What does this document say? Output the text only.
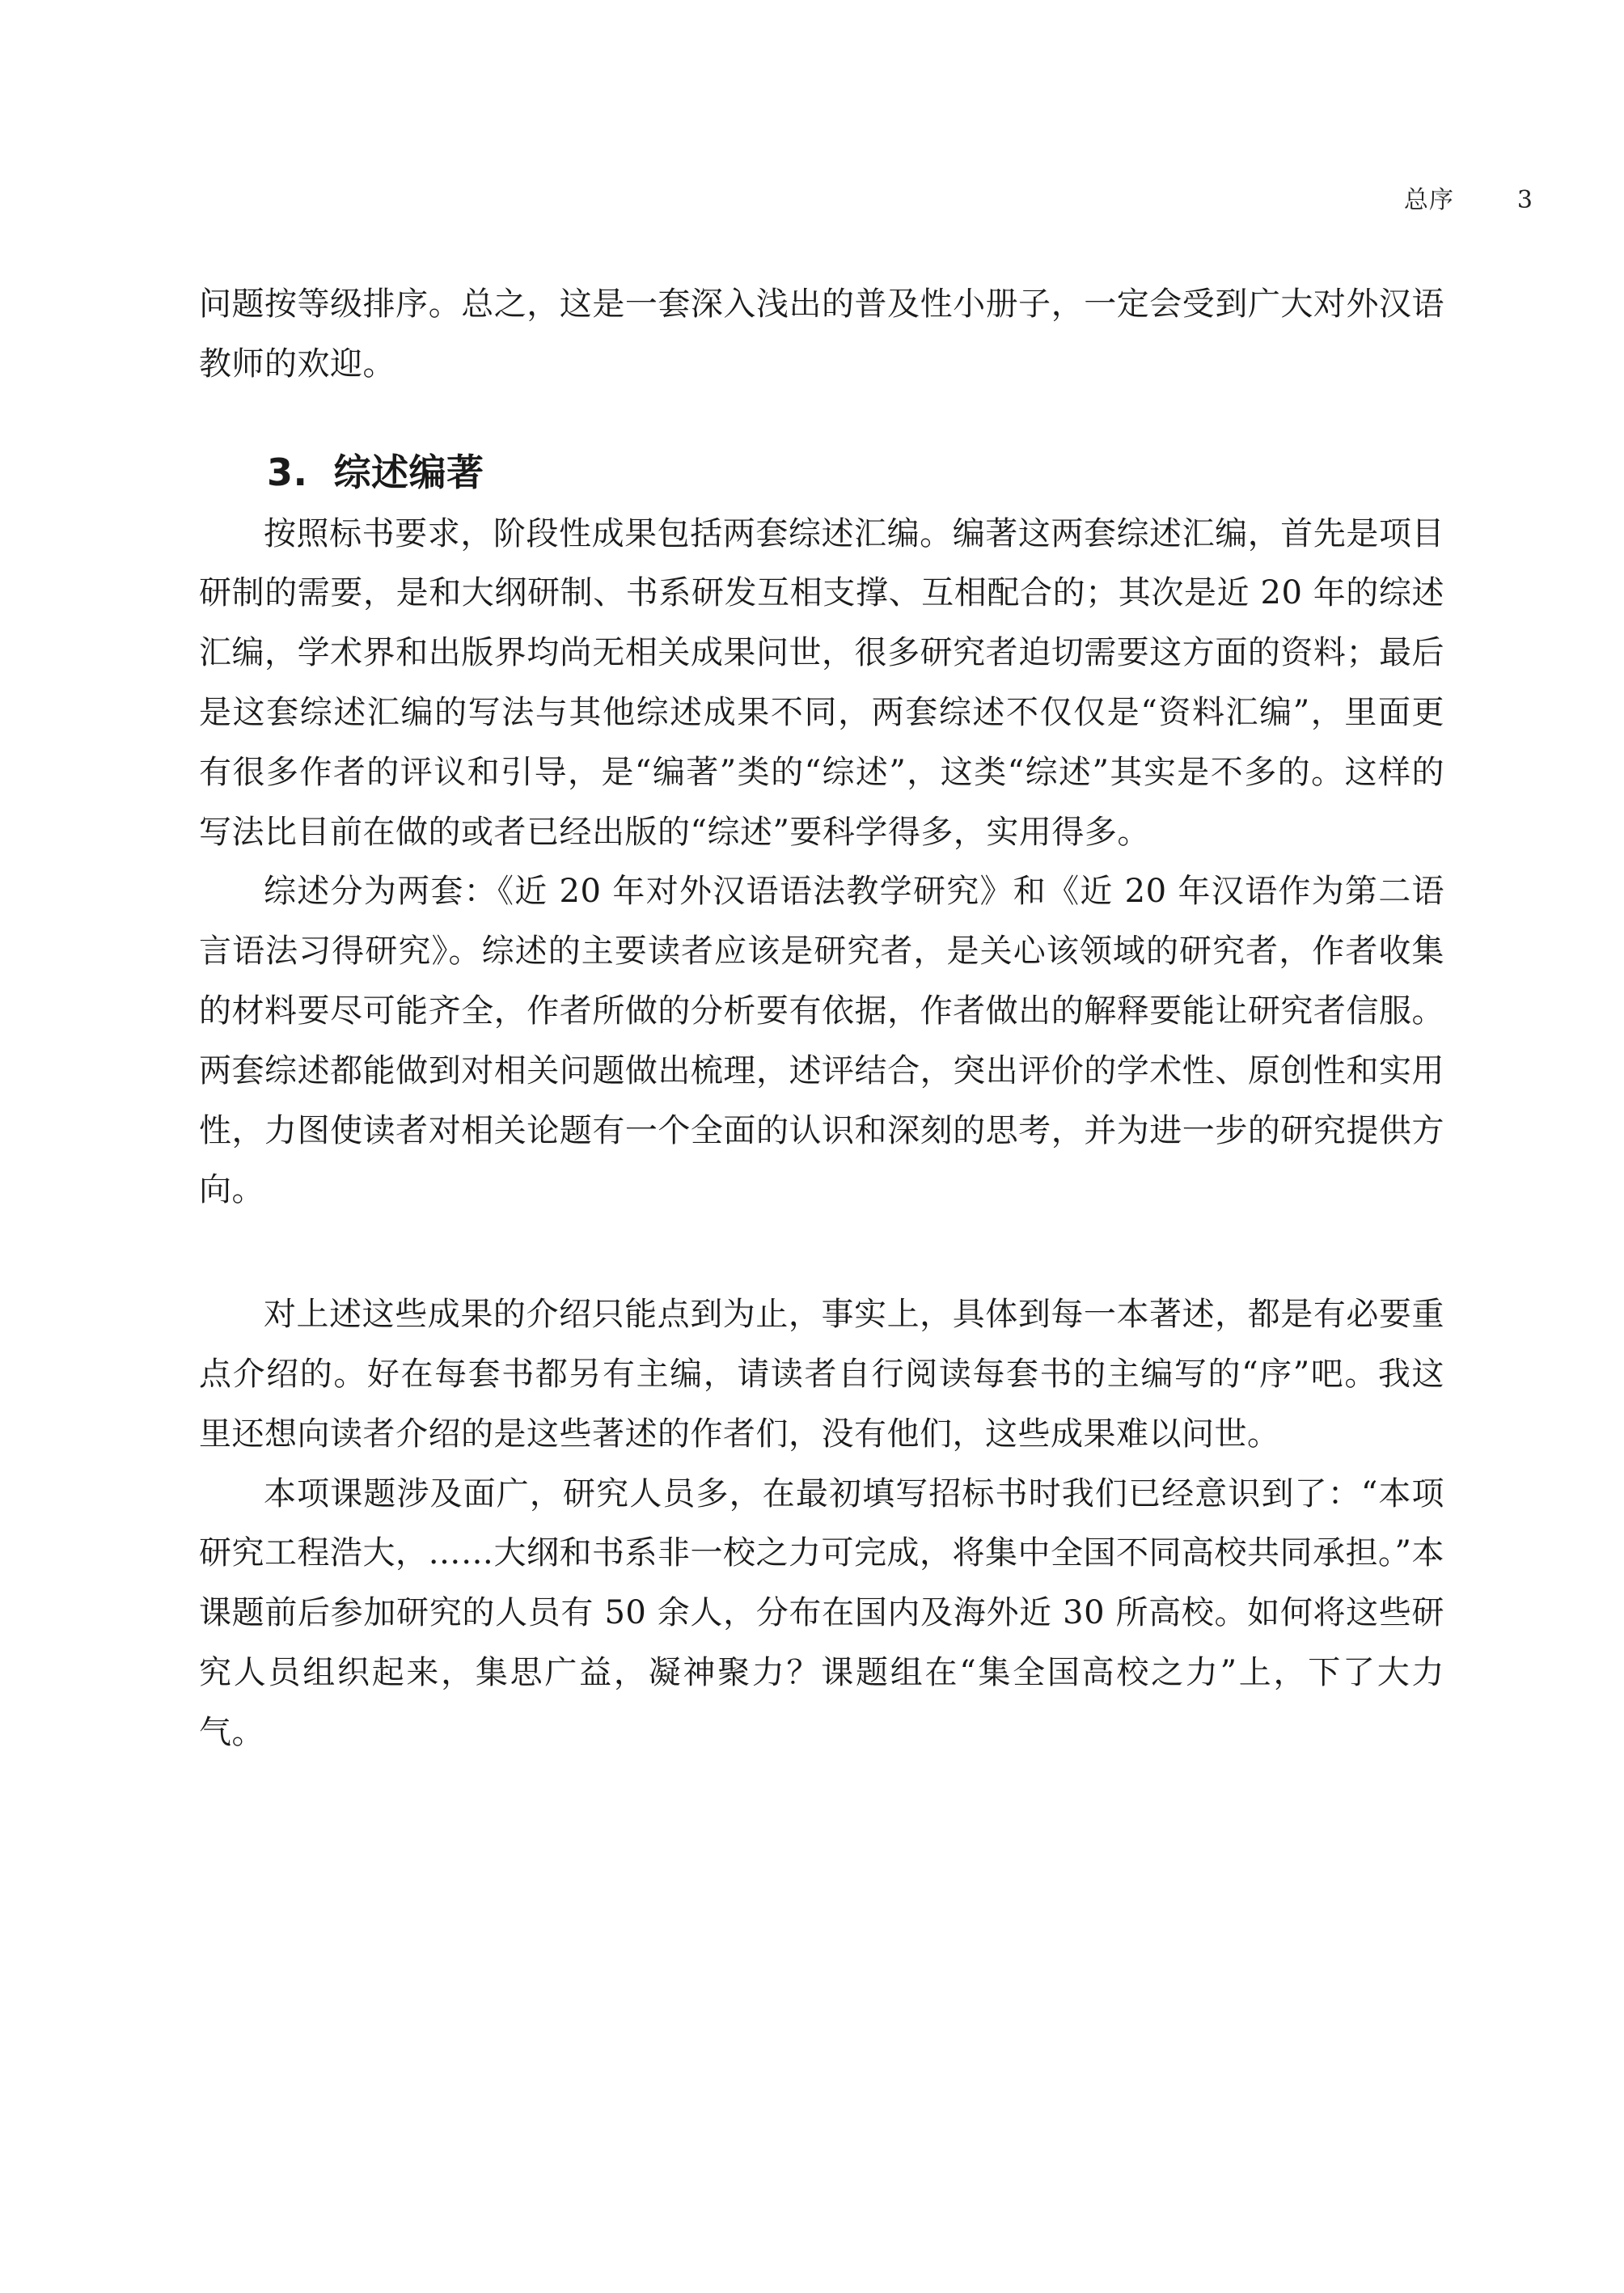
总序	3

问题按等级排序。总之，这是一套深入浅出的普及性小册子，一定会受到广大对外汉语教师的欢迎。

3. 综述编著

按照标书要求，阶段性成果包括两套综述汇编。编著这两套综述汇编，首先是项目研制的需要，是和大纲研制、书系研发互相支撑、互相配合的；其次是近 20 年的综述汇编，学术界和出版界均尚无相关成果问世，很多研究者迫切需要这方面的资料；最后是这套综述汇编的写法与其他综述成果不同，两套综述不仅仅是“资料汇编”，里面更有很多作者的评议和引导，是“编著”类的“综述”，这类“综述”其实是不多的。这样的写法比目前在做的或者已经出版的“综述”要科学得多，实用得多。

综述分为两套：《近 20 年对外汉语语法教学研究》和《近 20 年汉语作为第二语言语法习得研究》。综述的主要读者应该是研究者，是关心该领域的研究者，作者收集的材料要尽可能齐全，作者所做的分析要有依据，作者做出的解释要能让研究者信服。两套综述都能做到对相关问题做出梳理，述评结合，突出评价的学术性、原创性和实用性，力图使读者对相关论题有一个全面的认识和深刻的思考，并为进一步的研究提供方向。

对上述这些成果的介绍只能点到为止，事实上，具体到每一本著述，都是有必要重点介绍的。好在每套书都另有主编，请读者自行阅读每套书的主编写的“序”吧。我这里还想向读者介绍的是这些著述的作者们，没有他们，这些成果难以问世。

本项课题涉及面广，研究人员多，在最初填写招标书时我们已经意识到了：“本项研究工程浩大，……大纲和书系非一校之力可完成，将集中全国不同高校共同承担。”本课题前后参加研究的人员有 50 余人，分布在国内及海外近 30 所高校。如何将这些研究人员组织起来，集思广益，凝神聚力？课题组在“集全国高校之力”上，下了大力气。
